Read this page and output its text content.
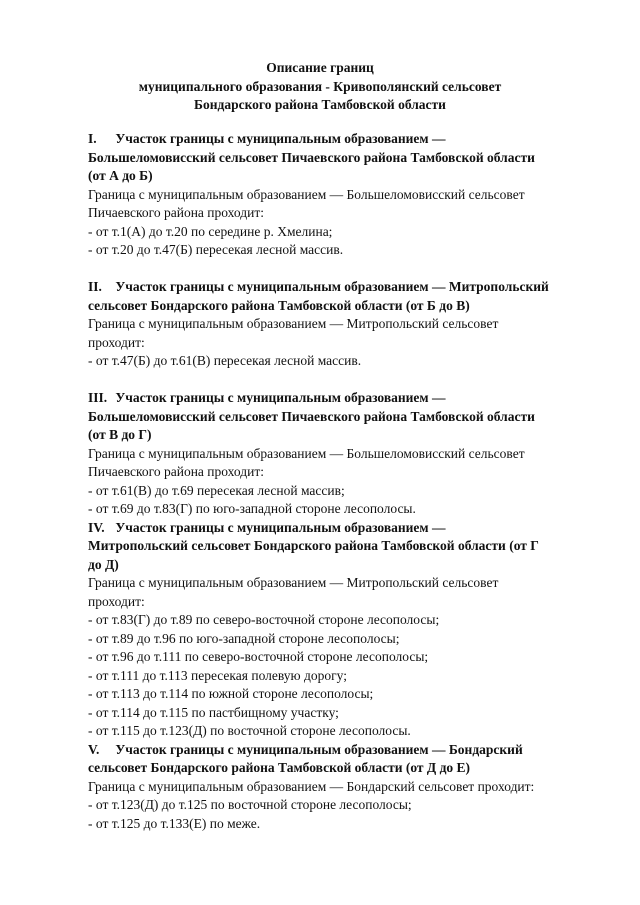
Описание границ
муниципального образования - Кривополянский сельсовет
Бондарского района Тамбовской области
I. Участок границы с муниципальным образованием —
Большеломовисский сельсовет Пичаевского района Тамбовской области
(от А до Б)
Граница с муниципальным образованием — Большеломовисский сельсовет
Пичаевского района проходит:
- от т.1(А) до т.20 по середине р. Хмелина;
- от т.20 до т.47(Б) пересекая лесной массив.
II. Участок границы с муниципальным образованием — Митропольский
сельсовет Бондарского района Тамбовской области (от Б до В)
Граница с муниципальным образованием — Митропольский сельсовет
проходит:
- от т.47(Б) до т.61(В) пересекая лесной массив.
III. Участок границы с муниципальным образованием —
Большеломовисский сельсовет Пичаевского района Тамбовской области
(от В до Г)
Граница с муниципальным образованием — Большеломовисский сельсовет
Пичаевского района проходит:
- от т.61(В) до т.69 пересекая лесной массив;
- от т.69 до т.83(Г) по юго-западной стороне лесополосы.
IV. Участок границы с муниципальным образованием —
Митропольский сельсовет Бондарского района Тамбовской области (от Г
до Д)
Граница с муниципальным образованием — Митропольский сельсовет
проходит:
- от т.83(Г) до т.89 по северо-восточной стороне лесополосы;
- от т.89 до т.96 по юго-западной стороне лесополосы;
- от т.96 до т.111 по северо-восточной стороне лесополосы;
- от т.111 до т.113 пересекая полевую дорогу;
- от т.113 до т.114 по южной стороне лесополосы;
- от т.114 до т.115 по пастбищному участку;
- от т.115 до т.123(Д) по восточной стороне лесополосы.
V. Участок границы с муниципальным образованием — Бондарский
сельсовет Бондарского района Тамбовской области (от Д до Е)
Граница с муниципальным образованием — Бондарский сельсовет проходит:
- от т.123(Д) до т.125 по восточной стороне лесополосы;
- от т.125 до т.133(Е) по меже.
